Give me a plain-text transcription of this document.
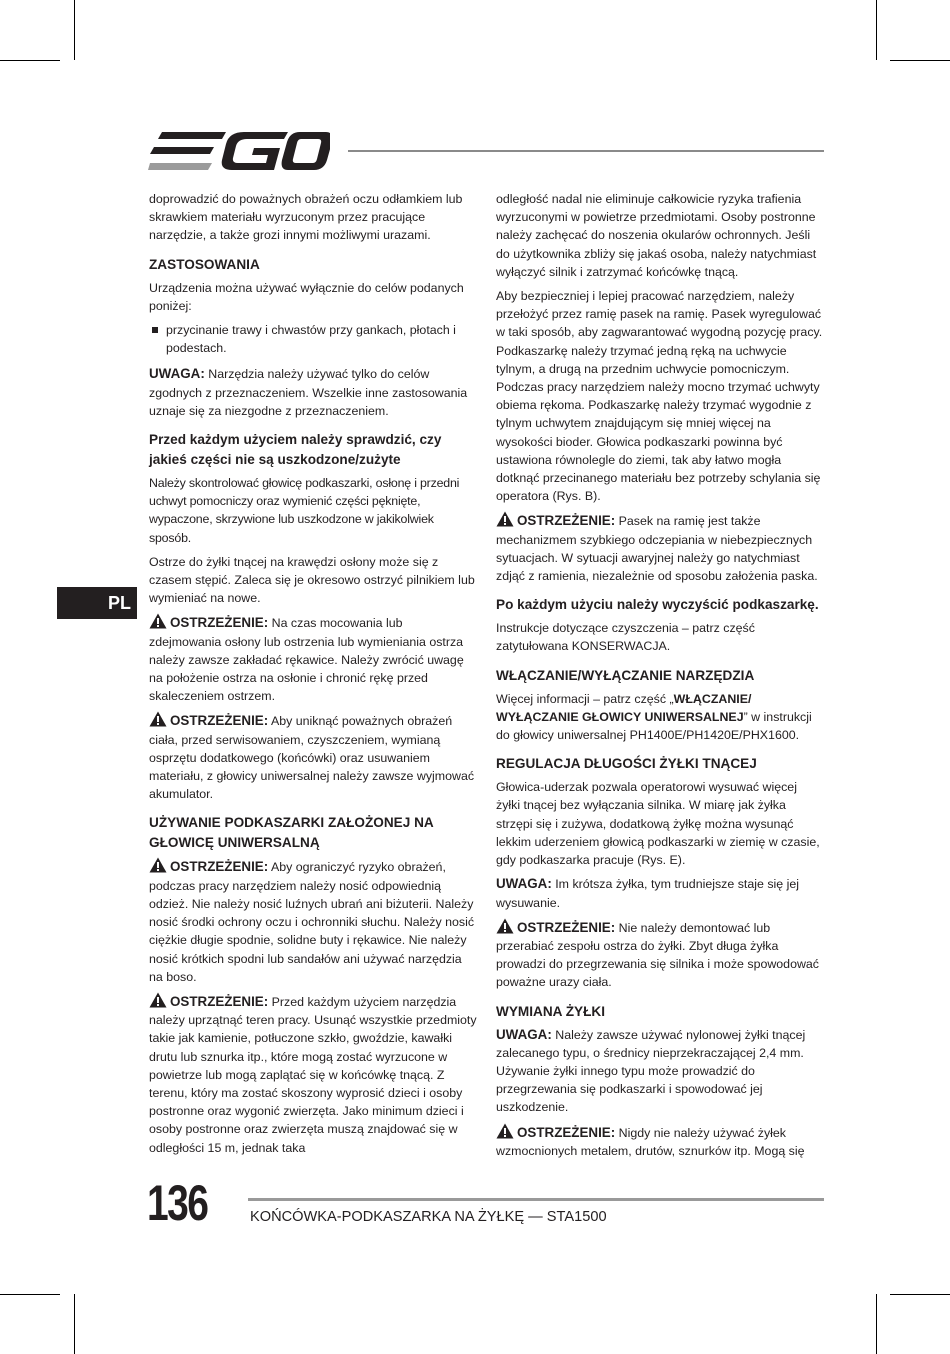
EGO
PL

doprowadzić do poważnych obrażeń oczu odłamkiem lub skrawkiem materiału wyrzuconym przez pracujące narzędzie, a także grozi innymi możliwymi urazami.

ZASTOSOWANIA

Urządzenia można używać wyłącznie do celów podanych poniżej:

przycinanie trawy i chwastów przy gankach, płotach i podestach.

UWAGA: Narzędzia należy używać tylko do celów zgodnych z przeznaczeniem. Wszelkie inne zastosowania uznaje się za niezgodne z przeznaczeniem.

Przed każdym użyciem należy sprawdzić, czy jakieś części nie są uszkodzone/zużyte

Należy skontrolować głowicę podkaszarki, osłonę i przedni uchwyt pomocniczy oraz wymienić części pęknięte, wypaczone, skrzywione lub uszkodzone w jakikolwiek sposób.

Ostrze do żyłki tnącej na krawędzi osłony może się z czasem stępić. Zaleca się je okresowo ostrzyć pilnikiem lub wymieniać na nowe.

OSTRZEŻENIE: Na czas mocowania lub zdejmowania osłony lub ostrzenia lub wymieniania ostrza należy zawsze zakładać rękawice. Należy zwrócić uwagę na położenie ostrza na osłonie i chronić rękę przed skaleczeniem ostrzem.

OSTRZEŻENIE: Aby uniknąć poważnych obrażeń ciała, przed serwisowaniem, czyszczeniem, wymianą osprzętu dodatkowego (końcówki) oraz usuwaniem materiału, z głowicy uniwersalnej należy zawsze wyjmować akumulator.

UŻYWANIE PODKASZARKI ZAŁOŻONEJ NA GŁOWICĘ UNIWERSALNĄ

OSTRZEŻENIE: Aby ograniczyć ryzyko obrażeń, podczas pracy narzędziem należy nosić odpowiednią odzież. Nie należy nosić luźnych ubrań ani biżuterii. Należy nosić środki ochrony oczu i ochronniki słuchu. Należy nosić ciężkie długie spodnie, solidne buty i rękawice. Nie należy nosić krótkich spodni lub sandałów ani używać narzędzia na boso.

OSTRZEŻENIE: Przed każdym użyciem narzędzia należy uprzątnąć teren pracy. Usunąć wszystkie przedmioty takie jak kamienie, potłuczone szkło, gwoździe, kawałki drutu lub sznurka itp., które mogą zostać wyrzucone w powietrze lub mogą zaplątać się w końcówkę tnącą. Z terenu, który ma zostać skoszony wyprosić dzieci i osoby postronne oraz wygonić zwierzęta. Jako minimum dzieci i osoby postronne oraz zwierzęta muszą znajdować się w odległości 15 m, jednak taka

odległość nadal nie eliminuje całkowicie ryzyka trafienia wyrzuconymi w powietrze przedmiotami. Osoby postronne należy zachęcać do noszenia okularów ochronnych. Jeśli do użytkownika zbliży się jakaś osoba, należy natychmiast wyłączyć silnik i zatrzymać końcówkę tnącą.

Aby bezpieczniej i lepiej pracować narzędziem, należy przełożyć przez ramię pasek na ramię. Pasek wyregulować w taki sposób, aby zagwarantować wygodną pozycję pracy. Podkaszarkę należy trzymać jedną ręką na uchwycie tylnym, a drugą na przednim uchwycie pomocniczym. Podczas pracy narzędziem należy mocno trzymać uchwyty obiema rękoma. Podkaszarkę należy trzymać wygodnie z tylnym uchwytem znajdującym się mniej więcej na wysokości bioder. Głowica podkaszarki powinna być ustawiona równolegle do ziemi, tak aby łatwo mogła dotknąć przecinanego materiału bez potrzeby schylania się operatora (Rys. B).

OSTRZEŻENIE: Pasek na ramię jest także mechanizmem szybkiego odczepiania w niebezpiecznych sytuacjach. W sytuacji awaryjnej należy go natychmiast zdjąć z ramienia, niezależnie od sposobu założenia paska.

Po każdym użyciu należy wyczyścić podkaszarkę.

Instrukcje dotyczące czyszczenia – patrz część zatytułowana KONSERWACJA.

WŁĄCZANIE/WYŁĄCZANIE NARZĘDZIA

Więcej informacji – patrz część „WŁĄCZANIE/ WYŁĄCZANIE GŁOWICY UNIWERSALNEJ” w instrukcji do głowicy uniwersalnej PH1400E/PH1420E/PHX1600.

REGULACJA DŁUGOŚCI ŻYŁKI TNĄCEJ

Głowica-uderzak pozwala operatorowi wysuwać więcej żyłki tnącej bez wyłączania silnika. W miarę jak żyłka strzępi się i zużywa, dodatkową żyłkę można wysunąć lekkim uderzeniem głowicą podkaszarki w ziemię w czasie, gdy podkaszarka pracuje (Rys. E).

UWAGA: Im krótsza żyłka, tym trudniejsze staje się jej wysuwanie.

OSTRZEŻENIE: Nie należy demontować lub przerabiać zespołu ostrza do żyłki. Zbyt długa żyłka prowadzi do przegrzewania się silnika i może spowodować poważne urazy ciała.

WYMIANA ŻYŁKI

UWAGA: Należy zawsze używać nylonowej żyłki tnącej zalecanego typu, o średnicy nieprzekraczającej 2,4 mm. Używanie żyłki innego typu może prowadzić do przegrzewania się podkaszarki i spowodować jej uszkodzenie.

OSTRZEŻENIE: Nigdy nie należy używać żyłek wzmocnionych metalem, drutów, sznurków itp. Mogą się

136	KOŃCÓWKA-PODKASZARKA NA ŻYŁKĘ — STA1500
